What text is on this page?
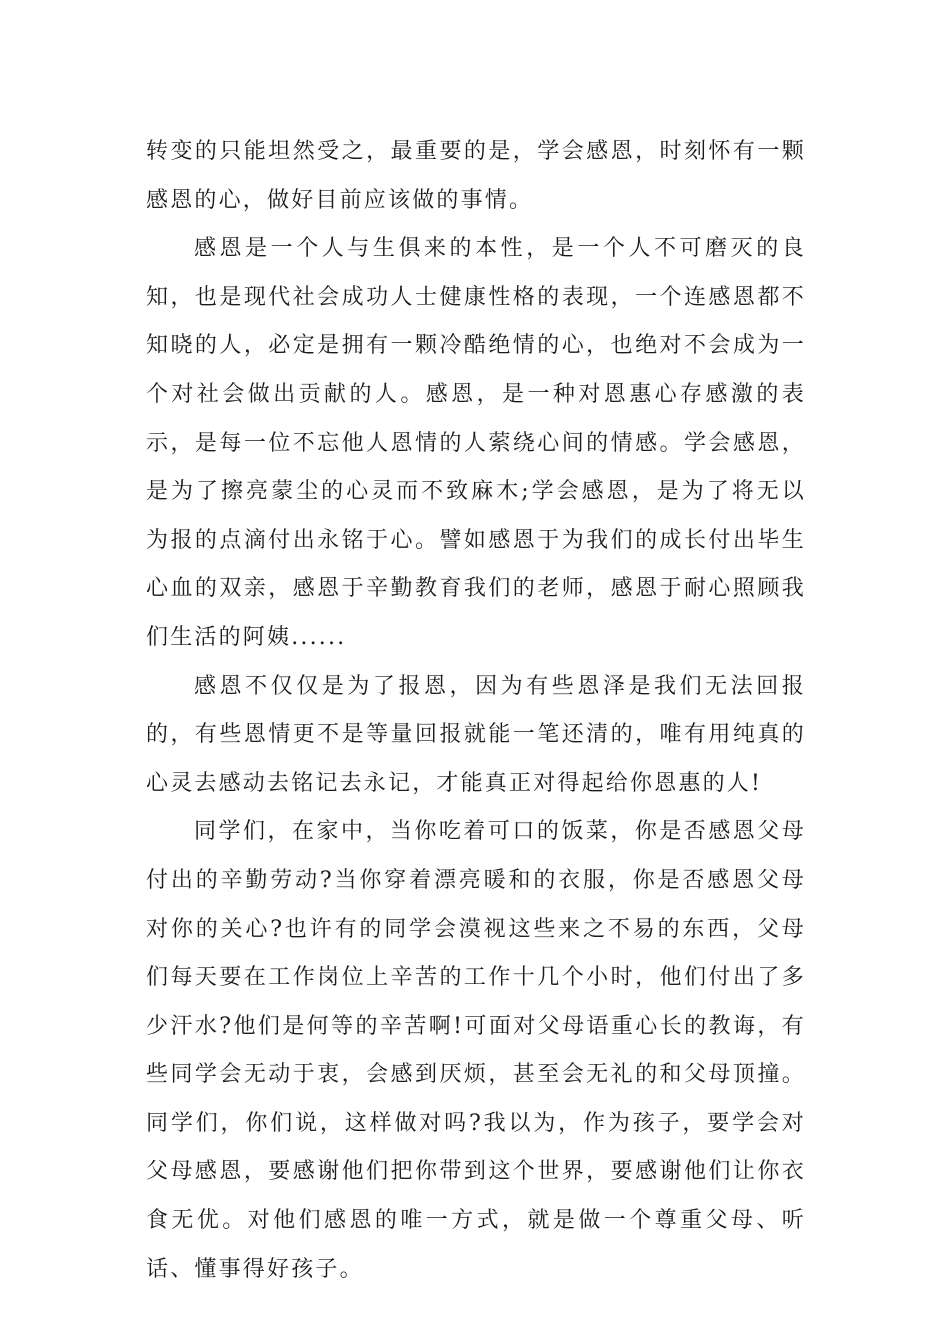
转变的只能坦然受之，最重要的是，学会感恩，时刻怀有一颗感恩的心，做好目前应该做的事情。

感恩是一个人与生俱来的本性，是一个人不可磨灭的良知，也是现代社会成功人士健康性格的表现，一个连感恩都不知晓的人，必定是拥有一颗冷酷绝情的心，也绝对不会成为一个对社会做出贡献的人。感恩，是一种对恩惠心存感激的表示，是每一位不忘他人恩情的人萦绕心间的情感。学会感恩，是为了擦亮蒙尘的心灵而不致麻木;学会感恩，是为了将无以为报的点滴付出永铭于心。譬如感恩于为我们的成长付出毕生心血的双亲，感恩于辛勤教育我们的老师，感恩于耐心照顾我们生活的阿姨......

感恩不仅仅是为了报恩，因为有些恩泽是我们无法回报的，有些恩情更不是等量回报就能一笔还清的，唯有用纯真的心灵去感动去铭记去永记，才能真正对得起给你恩惠的人!

同学们，在家中，当你吃着可口的饭菜，你是否感恩父母付出的辛勤劳动?当你穿着漂亮暖和的衣服，你是否感恩父母对你的关心?也许有的同学会漠视这些来之不易的东西，父母们每天要在工作岗位上辛苦的工作十几个小时，他们付出了多少汗水?他们是何等的辛苦啊!可面对父母语重心长的教诲，有些同学会无动于衷，会感到厌烦，甚至会无礼的和父母顶撞。同学们，你们说，这样做对吗?我以为，作为孩子，要学会对父母感恩，要感谢他们把你带到这个世界，要感谢他们让你衣食无优。对他们感恩的唯一方式，就是做一个尊重父母、听话、懂事得好孩子。
